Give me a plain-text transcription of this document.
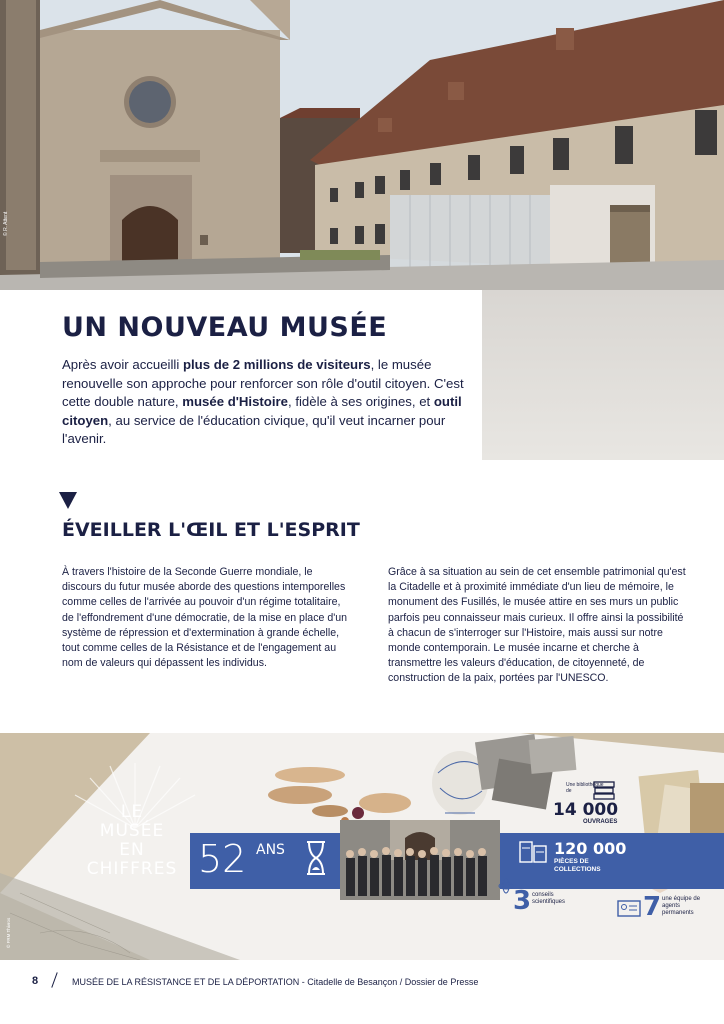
© R. Attent
UN NOUVEAU MUSÉE

Après avoir accueilli plus de 2 millions de visiteurs, le musée renouvelle son approche pour renforcer son rôle d'outil citoyen. C'est cette double nature, musée d'Histoire, fidèle à ses origines, et outil citoyen, au service de l'éducation civique, qu'il veut incarner pour l'avenir.

ÉVEILLER L'ŒIL ET L'ESPRIT

À travers l'histoire de la Seconde Guerre mondiale, le discours du futur musée aborde des questions intemporelles comme celles de l'arrivée au pouvoir d'un régime totalitaire, de l'effondrement d'une démocratie, de la mise en place d'un système de répression et d'extermination à grande échelle, tout comme celles de la Résistance et de l'engagement au nom de valeurs qui dépassent les individus.

Grâce à sa situation au sein de cet ensemble patrimonial qu'est la Citadelle et à proximité immédiate d'un lieu de mémoire, le monument des Fusillés, le musée attire en ses murs un public parfois peu connaisseur mais curieux. Il offre ainsi la possibilité à chacun de s'interroger sur l'Histoire, mais aussi sur notre monde contemporain. Le musée incarne et cherche à transmettre les valeurs d'éducation, de citoyenneté, de construction de la paix, portées par l'UNESCO.

LE
MUSÉE
EN
CHIFFRES 52 ANS
Une bibliothèque de
14 000
OUVRAGES
120 000
PIÈCES DE
COLLECTIONS
3 conseils scientifiques	7 une équipe de agents permanents
© FRM Thivros
8	MUSÉE DE LA RÉSISTANCE ET DE LA DÉPORTATION - Citadelle de Besançon / Dossier de Presse
